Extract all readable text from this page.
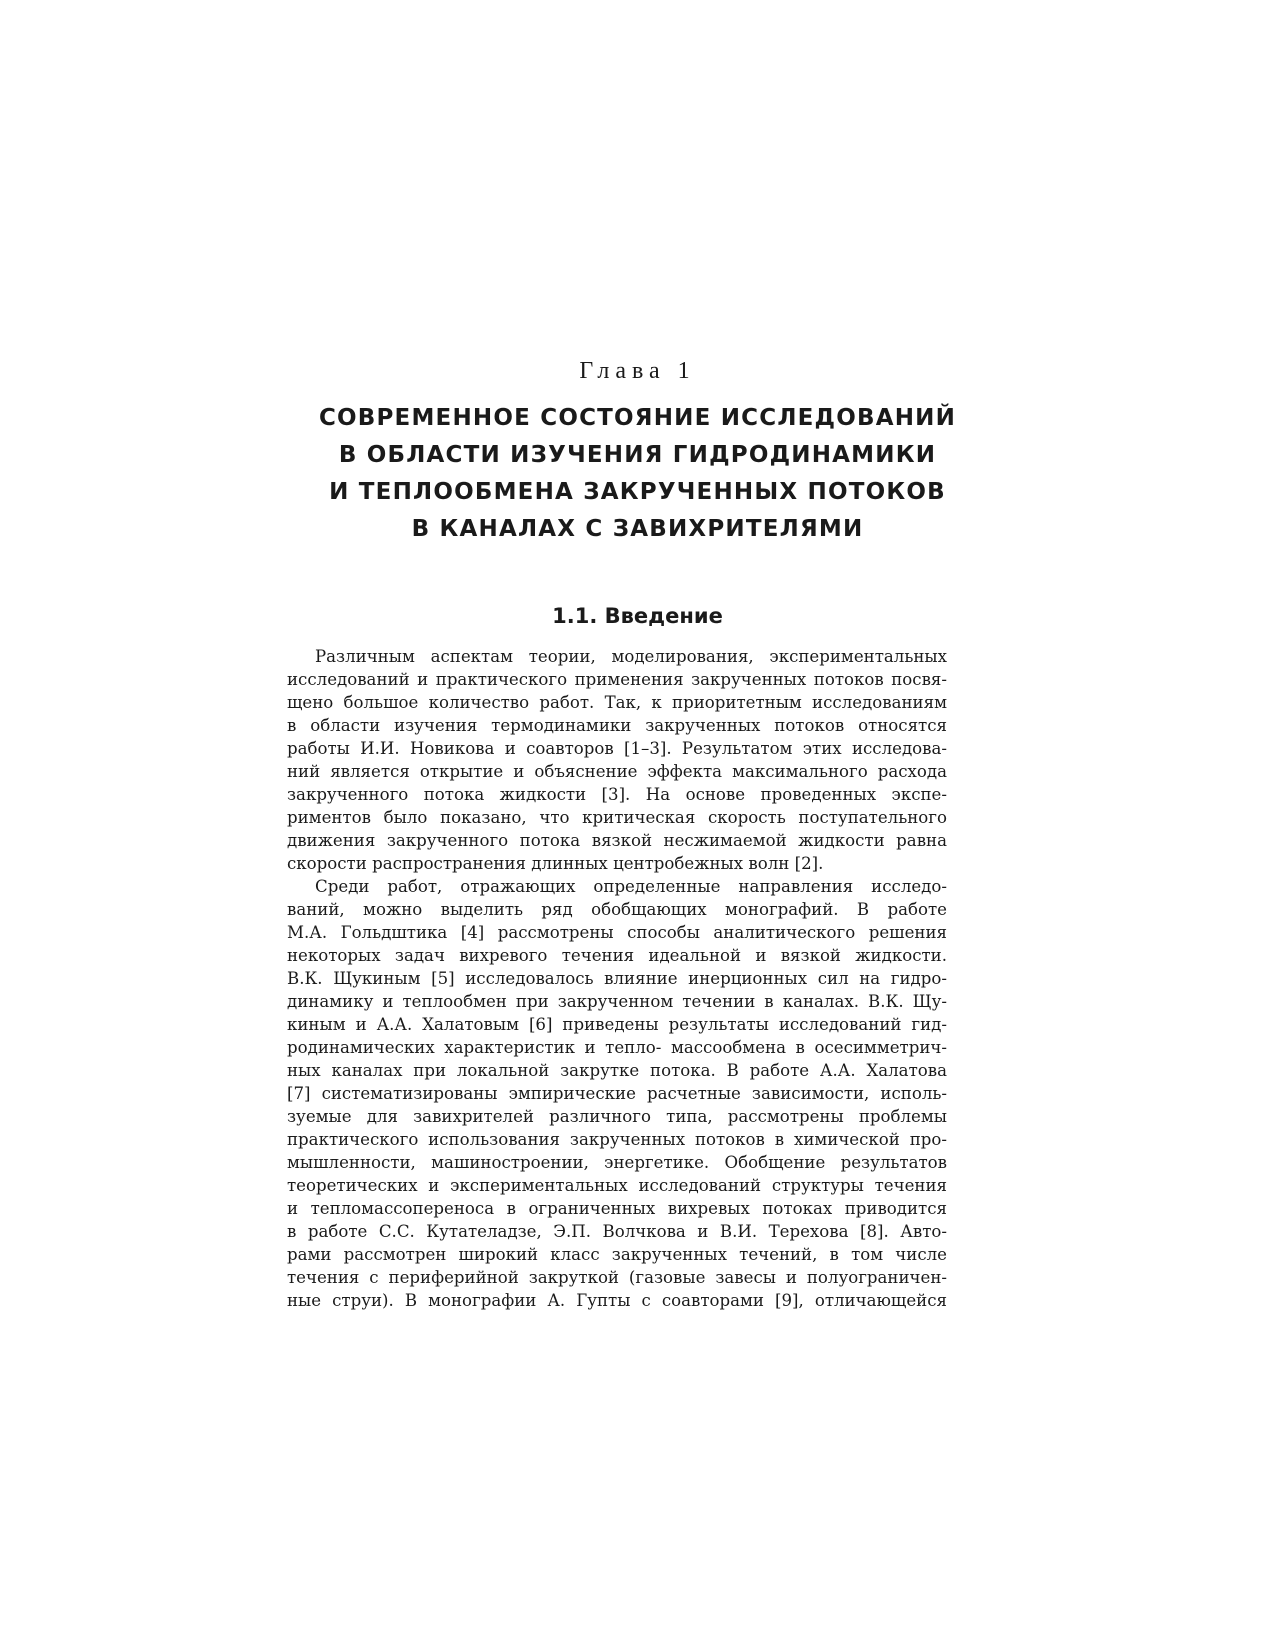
Глава 1
СОВРЕМЕННОЕ СОСТОЯНИЕ ИССЛЕДОВАНИЙ
В ОБЛАСТИ ИЗУЧЕНИЯ ГИДРОДИНАМИКИ
И ТЕПЛООБМЕНА ЗАКРУЧЕННЫХ ПОТОКОВ
В КАНАЛАХ С ЗАВИХРИТЕЛЯМИ
1.1. Введение
Различным аспектам теории, моделирования, экспериментальных
исследований и практического применения закрученных потоков посвя-
щено большое количество работ. Так, к приоритетным исследованиям
в области изучения термодинамики закрученных потоков относятся
работы И.И. Новикова и соавторов [1–3]. Результатом этих исследова-
ний является открытие и объяснение эффекта максимального расхода
закрученного потока жидкости [3]. На основе проведенных экспе-
риментов было показано, что критическая скорость поступательного
движения закрученного потока вязкой несжимаемой жидкости равна
скорости распространения длинных центробежных волн [2].
Среди работ, отражающих определенные направления исследо-
ваний, можно выделить ряд обобщающих монографий. В работе
М.А. Гольдштика [4] рассмотрены способы аналитического решения
некоторых задач вихревого течения идеальной и вязкой жидкости.
В.К. Щукиным [5] исследовалось влияние инерционных сил на гидро-
динамику и теплообмен при закрученном течении в каналах. В.К. Щу-
киным и А.А. Халатовым [6] приведены результаты исследований гид-
родинамических характеристик и тепло- массообмена в осесимметрич-
ных каналах при локальной закрутке потока. В работе А.А. Халатова
[7] систематизированы эмпирические расчетные зависимости, исполь-
зуемые для завихрителей различного типа, рассмотрены проблемы
практического использования закрученных потоков в химической про-
мышленности, машиностроении, энергетике. Обобщение результатов
теоретических и экспериментальных исследований структуры течения
и тепломассопереноса в ограниченных вихревых потоках приводится
в работе С.С. Кутателадзе, Э.П. Волчкова и В.И. Терехова [8]. Авто-
рами рассмотрен широкий класс закрученных течений, в том числе
течения с периферийной закруткой (газовые завесы и полуограничен-
ные струи). В монографии А. Гупты с соавторами [9], отличающейся
